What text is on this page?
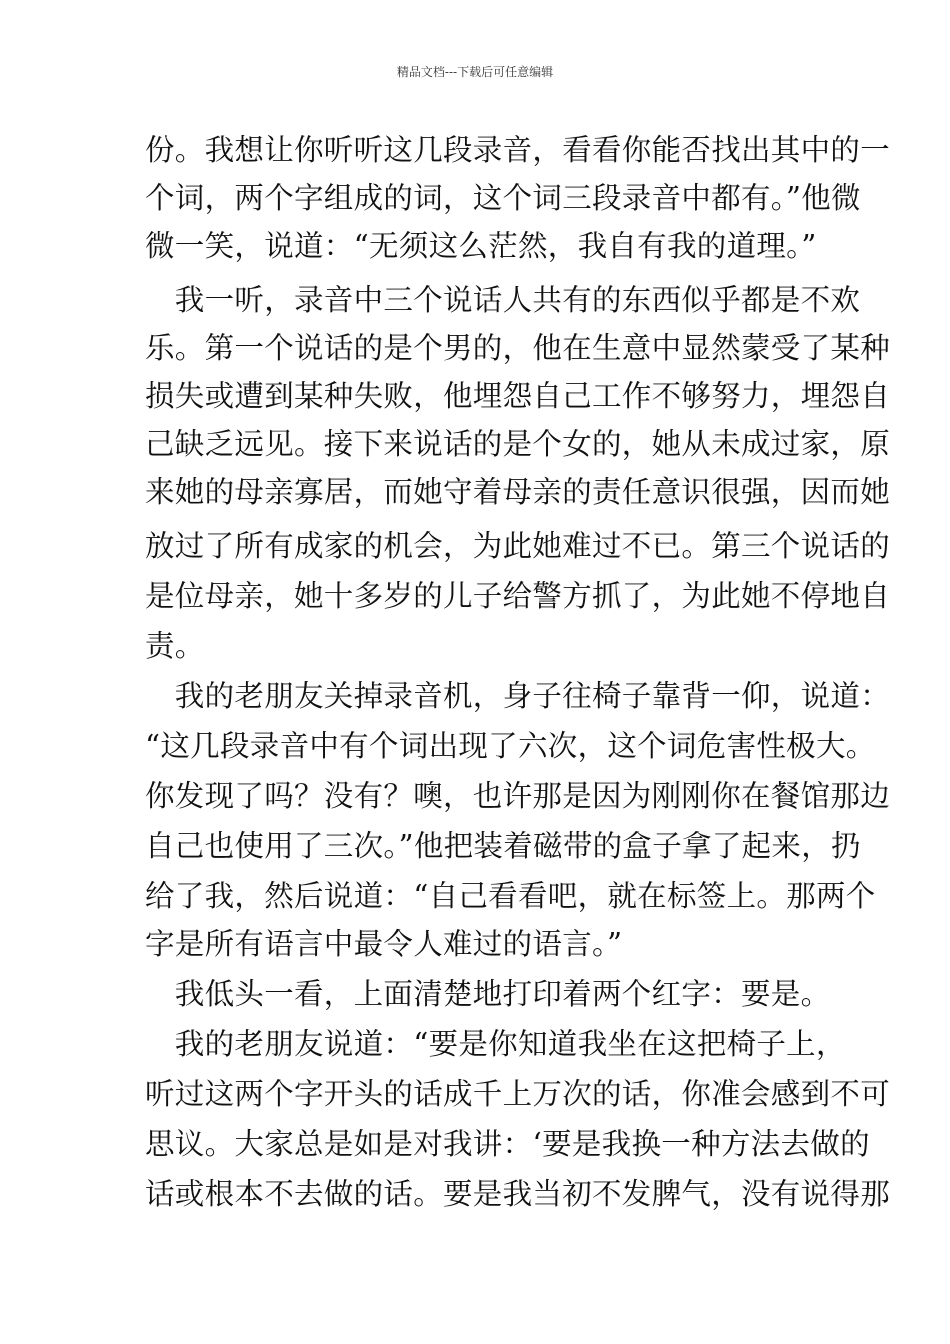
精品文档---下载后可任意编辑
份。我想让你听听这几段录音，看看你能否找出其中的一
个词，两个字组成的词，这个词三段录音中都有。”他微
微一笑，说道：“无须这么茫然，我自有我的道理。”
　我一听，录音中三个说话人共有的东西似乎都是不欢
乐。第一个说话的是个男的，他在生意中显然蒙受了某种
损失或遭到某种失败，他埋怨自己工作不够努力，埋怨自
己缺乏远见。接下来说话的是个女的，她从未成过家，原
来她的母亲寡居，而她守着母亲的责任意识很强，因而她
放过了所有成家的机会，为此她难过不已。第三个说话的
是位母亲，她十多岁的儿子给警方抓了，为此她不停地自
责。
　我的老朋友关掉录音机，身子往椅子靠背一仰，说道：
“这几段录音中有个词出现了六次，这个词危害性极大。
你发现了吗？没有？噢，也许那是因为刚刚你在餐馆那边
自己也使用了三次。”他把装着磁带的盒子拿了起来，扔
给了我，然后说道：“自己看看吧，就在标签上。那两个
字是所有语言中最令人难过的语言。”
　我低头一看，上面清楚地打印着两个红字：要是。
　我的老朋友说道：“要是你知道我坐在这把椅子上，
听过这两个字开头的话成千上万次的话，你准会感到不可
思议。大家总是如是对我讲：‘要是我换一种方法去做的
话或根本不去做的话。要是我当初不发脾气，没有说得那
